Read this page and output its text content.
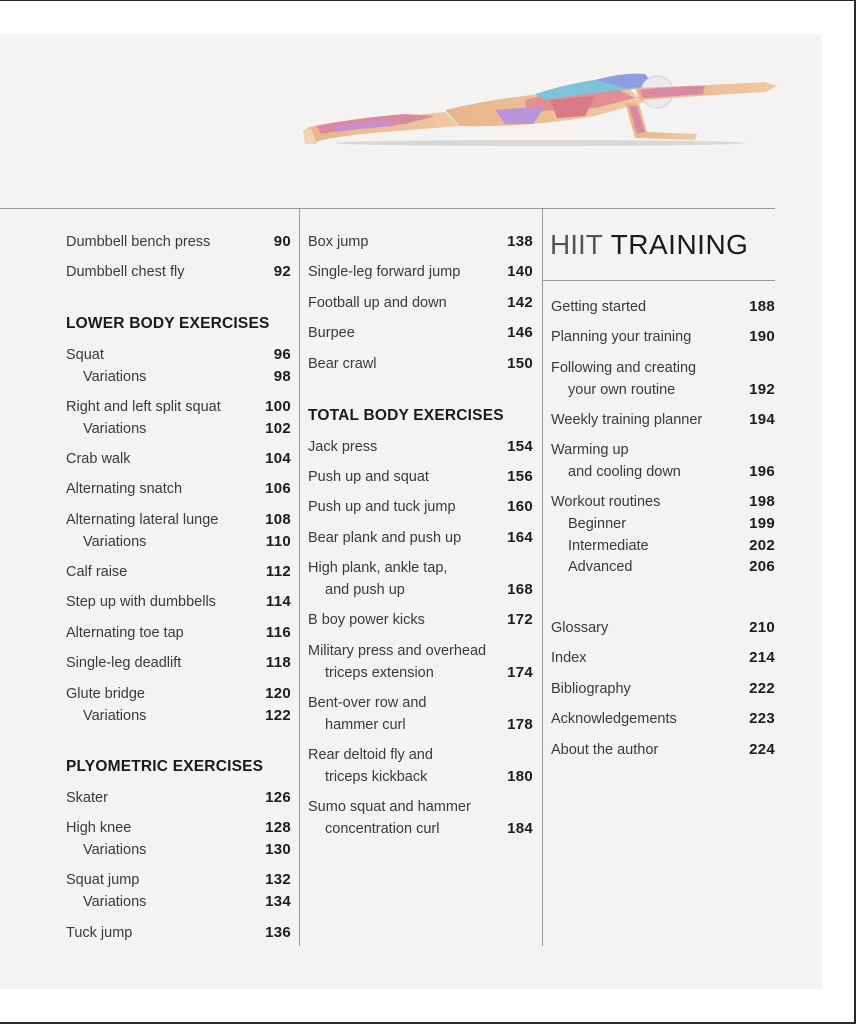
Dumbbell bench press	90
Dumbbell chest fly	92
LOWER BODY EXERCISES
Squat	96
Variations	98
Right and left split squat	100
Variations	102
Crab walk	104
Alternating snatch	106
Alternating lateral lunge	108
Variations	110
Calf raise	112
Step up with dumbbells	114
Alternating toe tap	116
Single-leg deadlift	118
Glute bridge	120
Variations	122
PLYOMETRIC EXERCISES
Skater	126
High knee	128
Variations	130
Squat jump	132
Variations	134
Tuck jump	136
Box jump	138
Single-leg forward jump	140
Football up and down	142
Burpee	146
Bear crawl	150
TOTAL BODY EXERCISES
Jack press	154
Push up and squat	156
Push up and tuck jump	160
Bear plank and push up	164
High plank, ankle tap,
and push up	168
B boy power kicks	172
Military press and overhead
triceps extension	174
Bent-over row and
hammer curl	178
Rear deltoid fly and
triceps kickback	180
Sumo squat and hammer
concentration curl	184
HIIT TRAINING
Getting started	188
Planning your training	190
Following and creating
your own routine	192
Weekly training planner	194
Warming up
and cooling down	196
Workout routines	198
Beginner	199
Intermediate	202
Advanced	206
Glossary	210
Index	214
Bibliography	222
Acknowledgements	223
About the author	224
